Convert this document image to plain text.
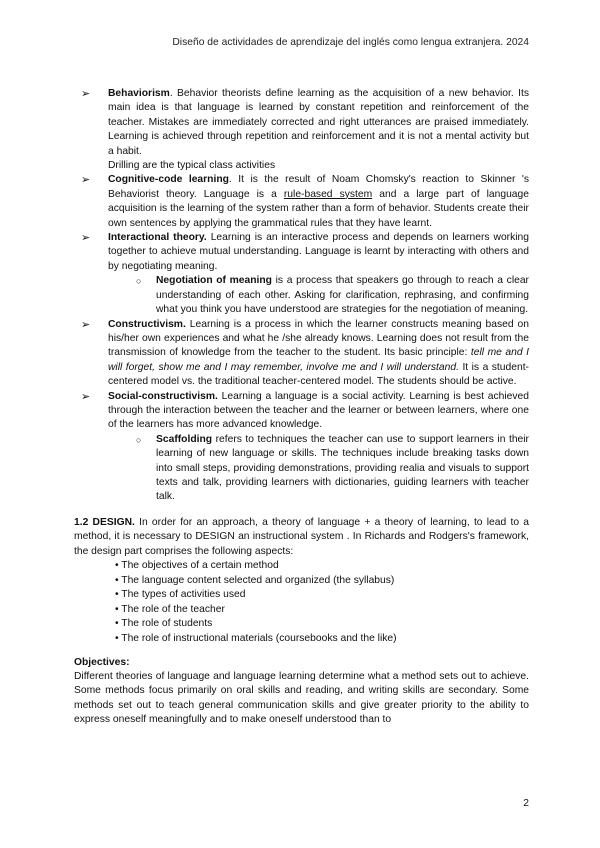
Diseño de actividades de aprendizaje del inglés como lengua extranjera. 2024

➢ Behaviorism. Behavior theorists define learning as the acquisition of a new behavior. Its main idea is that language is learned by constant repetition and reinforcement of the teacher. Mistakes are immediately corrected and right utterances are praised immediately. Learning is achieved through repetition and reinforcement and it is not a mental activity but a habit.

Drilling are the typical class activities

➢ Cognitive-code learning. It is the result of Noam Chomsky's reaction to Skinner 's Behaviorist theory. Language is a rule-based system and a large part of language acquisition is the learning of the system rather than a form of behavior. Students create their own sentences by applying the grammatical rules that they have learnt.

➢ Interactional theory. Learning is an interactive process and depends on learners working together to achieve mutual understanding. Language is learnt by interacting with others and by negotiating meaning.

○ Negotiation of meaning is a process that speakers go through to reach a clear understanding of each other. Asking for clarification, rephrasing, and confirming what you think you have understood are strategies for the negotiation of meaning.

➢ Constructivism. Learning is a process in which the learner constructs meaning based on his/her own experiences and what he /she already knows. Learning does not result from the transmission of knowledge from the teacher to the student. Its basic principle: tell me and I will forget, show me and I may remember, involve me and I will understand. It is a student-centered model vs. the traditional teacher-centered model. The students should be active.

➢ Social-constructivism. Learning a language is a social activity. Learning is best achieved through the interaction between the teacher and the learner or between learners, where one of the learners has more advanced knowledge.

○ Scaffolding refers to techniques the teacher can use to support learners in their learning of new language or skills. The techniques include breaking tasks down into small steps, providing demonstrations, providing realia and visuals to support texts and talk, providing learners with dictionaries, guiding learners with teacher talk.

1.2 DESIGN. In order for an approach, a theory of language + a theory of learning, to lead to a method, it is necessary to DESIGN an instructional system . In Richards and Rodgers's framework, the design part comprises the following aspects:

• The objectives of a certain method
• The language content selected and organized (the syllabus)
• The types of activities used
• The role of the teacher
• The role of students
• The role of instructional materials (coursebooks and the like)

Objectives:

Different theories of language and language learning determine what a method sets out to achieve. Some methods focus primarily on oral skills and reading, and writing skills are secondary. Some methods set out to teach general communication skills and give greater priority to the ability to express oneself meaningfully and to make oneself understood than to

2
